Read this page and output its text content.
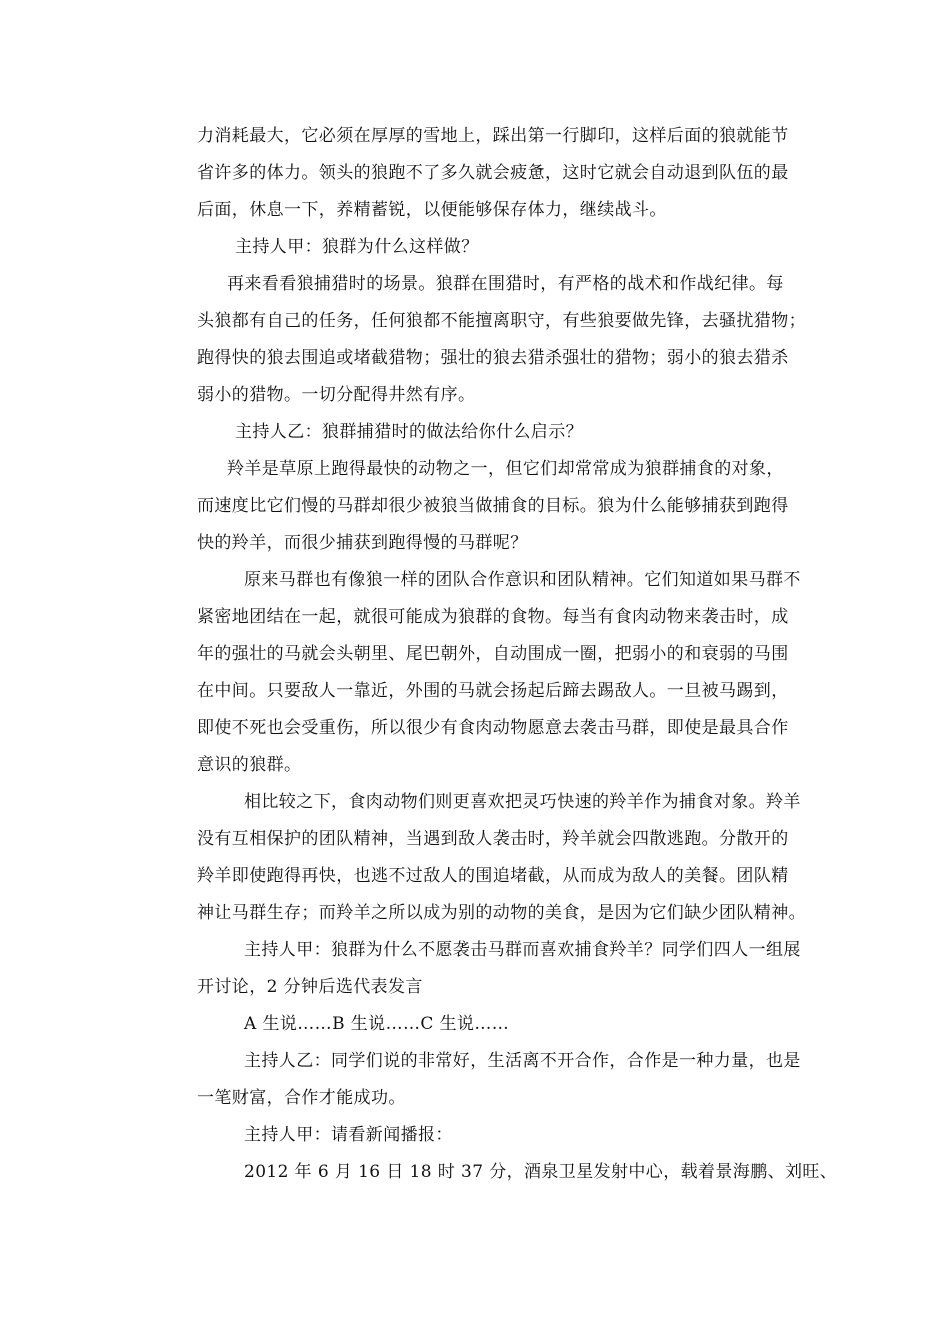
力消耗最大，它必须在厚厚的雪地上，踩出第一行脚印，这样后面的狼就能节
省许多的体力。领头的狼跑不了多久就会疲惫，这时它就会自动退到队伍的最
后面，休息一下，养精蓄锐，以便能够保存体力，继续战斗。
主持人甲：狼群为什么这样做？
再来看看狼捕猎时的场景。狼群在围猎时，有严格的战术和作战纪律。每
头狼都有自己的任务，任何狼都不能擅离职守，有些狼要做先锋，去骚扰猎物；
跑得快的狼去围追或堵截猎物；强壮的狼去猎杀强壮的猎物；弱小的狼去猎杀
弱小的猎物。一切分配得井然有序。
主持人乙：狼群捕猎时的做法给你什么启示？
羚羊是草原上跑得最快的动物之一，但它们却常常成为狼群捕食的对象，
而速度比它们慢的马群却很少被狼当做捕食的目标。狼为什么能够捕获到跑得
快的羚羊，而很少捕获到跑得慢的马群呢？
原来马群也有像狼一样的团队合作意识和团队精神。它们知道如果马群不
紧密地团结在一起，就很可能成为狼群的食物。每当有食肉动物来袭击时，成
年的强壮的马就会头朝里、尾巴朝外，自动围成一圈，把弱小的和衰弱的马围
在中间。只要敌人一靠近，外围的马就会扬起后蹄去踢敌人。一旦被马踢到，
即使不死也会受重伤，所以很少有食肉动物愿意去袭击马群，即使是最具合作
意识的狼群。
相比较之下，食肉动物们则更喜欢把灵巧快速的羚羊作为捕食对象。羚羊
没有互相保护的团队精神，当遇到敌人袭击时，羚羊就会四散逃跑。分散开的
羚羊即使跑得再快，也逃不过敌人的围追堵截，从而成为敌人的美餐。团队精
神让马群生存；而羚羊之所以成为别的动物的美食，是因为它们缺少团队精神。
主持人甲：狼群为什么不愿袭击马群而喜欢捕食羚羊？同学们四人一组展
开讨论，2 分钟后选代表发言
A 生说……B 生说……C 生说……
主持人乙：同学们说的非常好，生活离不开合作，合作是一种力量，也是
一笔财富，合作才能成功。
主持人甲：请看新闻播报：
2012 年 6 月 16 日 18 时 37 分，酒泉卫星发射中心，载着景海鹏、刘旺、
